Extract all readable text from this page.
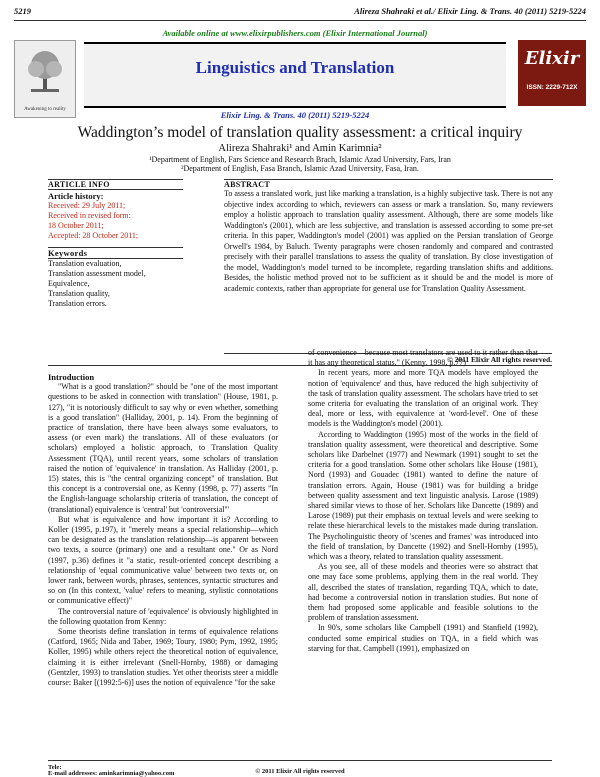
5219	Alireza Shahraki et al./ Elixir Ling. & Trans. 40 (2011) 5219-5224
Awakening to reality
Available online at www.elixirpublishers.com (Elixir International Journal)
Linguistics and Translation
Elixir Ling. & Trans. 40 (2011) 5219-5224
Elixir
ISSN: 2229-712X
Waddington’s model of translation quality assessment: a critical inquiry
Alireza Shahraki¹ and Amin Karimnia²
¹Department of English, Fars Science and Research Brach, Islamic Azad University, Fars, Iran
²Department of English, Fasa Branch, Islamic Azad University, Fasa, Iran.
ARTICLE INFO
Article history:
Received: 29 July 2011;
Received in revised form:
18 October 2011;
Accepted: 28 October 2011;
Keywords
Translation evaluation,
Translation assessment model,
Equivalence,
Translation quality,
Translation errors.
ABSTRACT
To assess a translated work, just like marking a translation, is a highly subjective task. There is not any objective index according to which, reviewers can assess or mark a translation. So, many reviewers employ a holistic approach to translation quality assessment. Although, there are some models like Waddington's (2001), which are less subjective, and translation is assessed according to some pre-set criteria. In this paper, Waddington's model (2001) was applied on the Persian translation of George Orwell's 1984, by Baluch. Twenty paragraphs were chosen randomly and compared and contrasted precisely with their parallel translations to assess the quality of translation. By close investigation of the model, Waddington's model turned to be incomplete, regarding translation shifts and additions. Besides, the holistic method proved not to be sufficient as it should be and the model is more of academic contexts, rather than appropriate for general use for Translation Quality Assessment.
© 2011 Elixir All rights reserved.

Introduction

"What is a good translation?" should be "one of the most important questions to be asked in connection with translation" (House, 1981, p. 127), "it is notoriously difficult to say why or even whether, something is a good translation" (Halliday, 2001, p. 14). From the beginning of practice of translation, there have been always some evaluators, to assess (or even mark) the translations. All of these evaluators (or scholars) employed a holistic approach, to Translation Quality Assessment (TQA), until recent years, some scholars of translation raised the notion of 'equivalence' in translation. As Halliday (2001, p. 15) states, this is "the central organizing concept" of translation. But this concept is a controversial one, as Kenny (1998, p. 77) asserts "In the English-language scholarship criteria of translation, the concept of (translational) equivalence is 'central' but 'controversial'"

But what is equivalence and how important it is? According to Koller (1995, p.197), it "merely means a special relationship—which can be designated as the translation relationship—is apparent between two texts, a source (primary) one and a resultant one." Or as Nord (1997, p.36) defines it "a static, result-oriented concept describing a relationship of 'equal communicative value' between two texts or, on lower rank, between words, phrases, sentences, syntactic structures and so on (In this context, 'value' refers to meaning, stylistic connotations or communicative effect)"

The controversial nature of 'equivalence' is obviously highlighted in the following quotation from Kenny:

Some theorists define translation in terms of equivalence relations (Catford, 1965; Nida and Taber, 1969; Toury, 1980; Pym, 1992, 1995; Koller, 1995) while others reject the theoretical notion of equivalence, claiming it is either irrelevant (Snell-Hornby, 1988) or damaging (Gentzler, 1993) to translation studies. Yet other theorists steer a middle course: Baker [(1992:5-6)] uses the notion of equivalence "for the sake

of convenience—because most translators are used to it rather than that it has any theoretical status." (Kenny, 1998, p.77)

In recent years, more and more TQA models have employed the notion of 'equivalence' and thus, have reduced the high subjectivity of the task of translation quality assessment. The scholars have tried to set some criteria for evaluating the translation of an original work. They deal, more or less, with equivalence at 'word-level'. One of these models is the Waddington's model (2001).

According to Waddington (1995) most of the works in the field of translation quality assessment, were theoretical and descriptive. Some scholars like Darbelnet (1977) and Newmark (1991) sought to set the criteria for a good translation. Some other scholars like House (1981), Nord (1993) and Gouadec (1981) wanted to define the nature of translation errors. Again, House (1981) was for building a bridge between quality assessment and text linguistic analysis. Larose (1989) shared similar views to those of her. Scholars like Dancette (1989) and Larose (1989) put their emphasis on textual levels and were seeking to relate these hierarchical levels to the mistakes made during translation. The Psycholinguistic theory of 'scenes and frames' was introduced into the field of translation, by Dancette (1992) and Snell-Hornby (1995), which was a theory, related to translation quality assessment.

As you see, all of these models and theories were so abstract that one may face some problems, applying them in the real world. They all, described the states of translation, regarding TQA, which to date, had become a controversial notion in translation studies. But none of them had proposed some applicable and feasible solutions to the problem of translation assessment.

In 90's, some scholars like Campbell (1991) and Stanfield (1992), conducted some empirical studies on TQA, in a field which was starving for that. Campbell (1991), emphasized on

Tele:
E-mail addresses: aminkarimnia@yahoo.com	© 2011 Elixir All rights reserved
